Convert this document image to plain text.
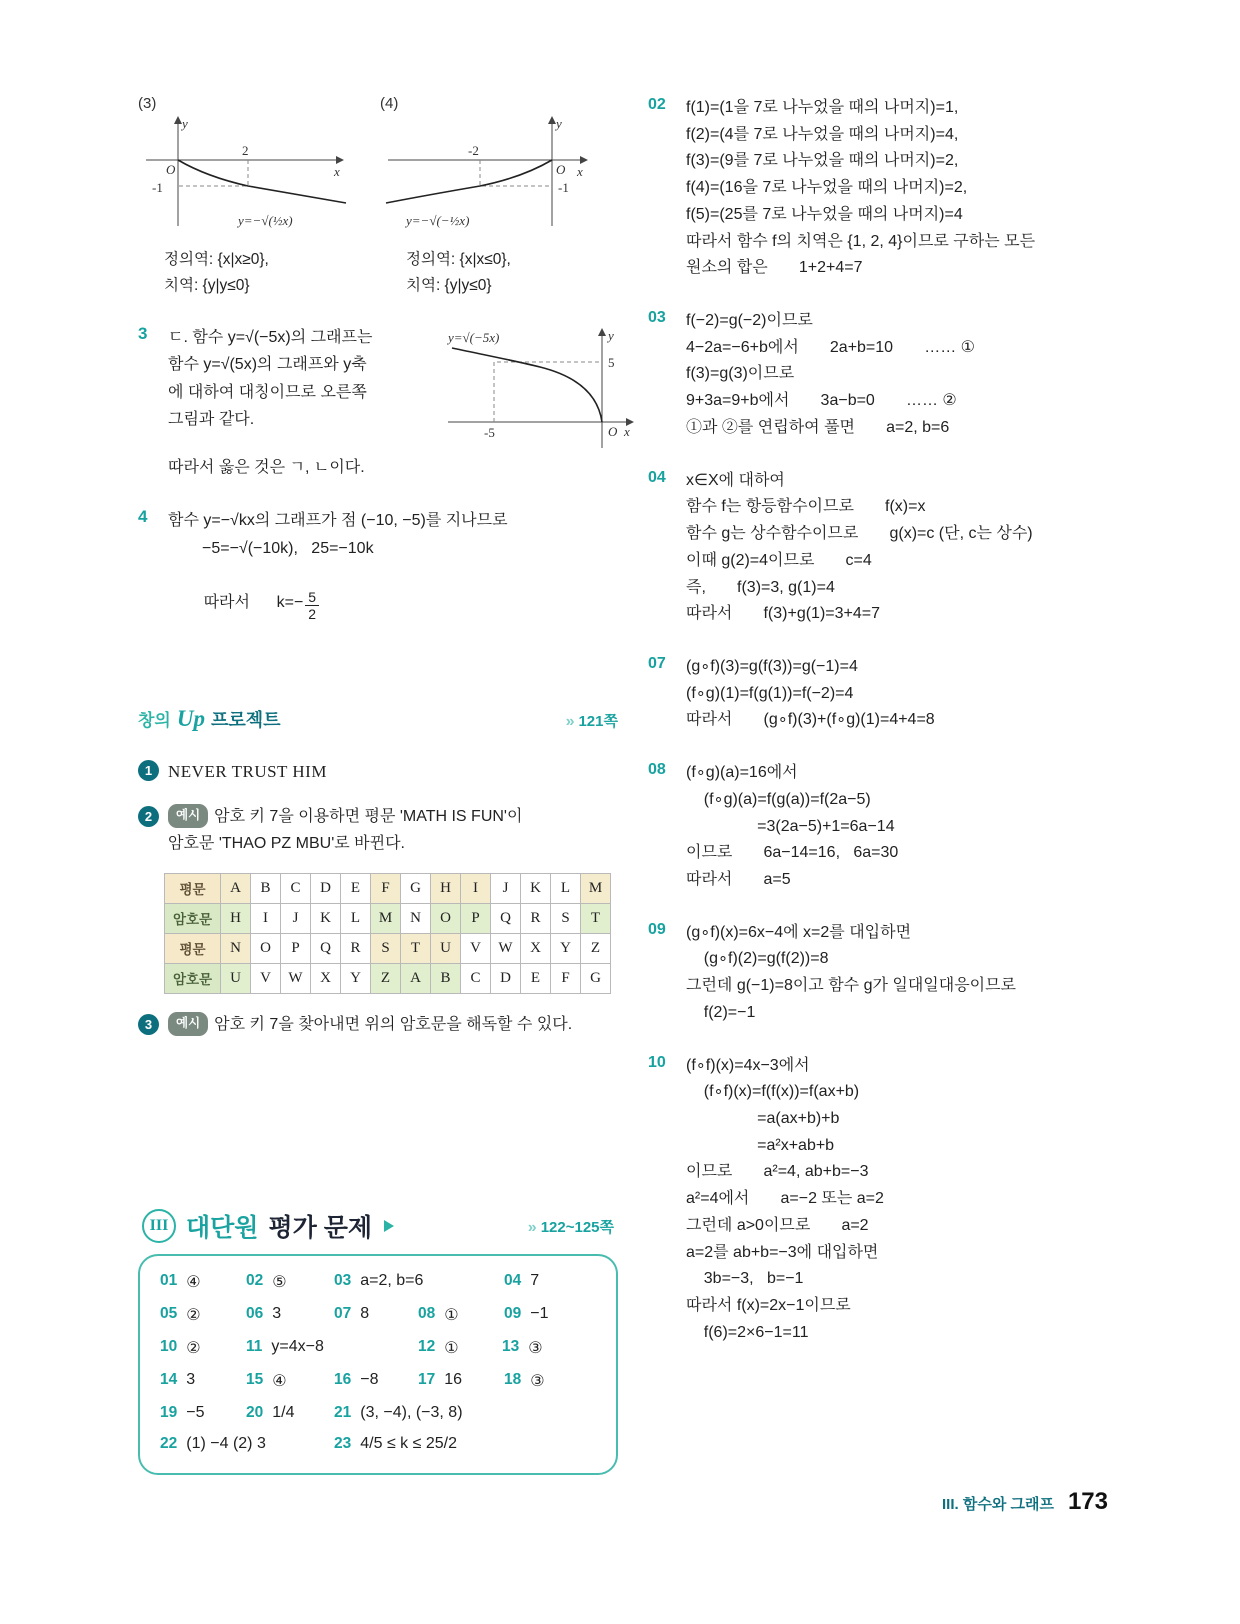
(3)
y
x
O
2
-1
y=−√(½x)
정의역: {x|x≥0},
치역: {y|y≤0}
(4)
y
x
O
-2
-1
y=−√(−½x)
정의역: {x|x≤0},
치역: {y|y≤0}
3	ㄷ. 함수 y=√(−5x)의 그래프는
함수 y=√(5x)의 그래프와 y축
에 대하여 대칭이므로 오른쪽
그림과 같다.
y=√(−5x)	y
x
O
5
-5
따라서 옳은 것은 ㄱ, ㄴ이다.
4	함수 y=−√kx의 그래프가 점 (−10, −5)를 지나므로
−5=−√(−10k),   25=−10k

따라서 $k=- \frac{5}{2}$

창의 Up 프로젝트	» 121쪽
1 NEVER TRUST HIM
2	예시 암호 키 7을 이용하면 평문 'MATH IS FUN'이
암호문 'THAO PZ MBU'로 바뀐다.
평문	A	B	C	D	E	F	G	H	I	J	K	L	M
암호문	H	I	J	K	L	M	N	O	P	Q	R	S	T
평문	N	O	P	Q	R	S	T	U	V	W	X	Y	Z
암호문	U	V	W	X	Y	Z	A	B	C	D	E	F	G
3	예시 암호 키 7을 찾아내면 위의 암호문을 해독할 수 있다.
III 대단원 평가 문제	» 122~125쪽
01 ④	02 ⑤	03 a=2, b=6	04 7
05 ②	06 3	07 8	08 ①	09 −1
10 ②	11 y=4x−8	12 ①	13 ③
14 3	15 ④	16 −8	17 16	18 ③
19 −5	20 1/4	21 (3, −4), (−3, 8)
22 (1) −4 (2) 3	23 4/5 ≤ k ≤ 25/2
02	f(1)=(1을 7로 나누었을 때의 나머지)=1,
f(2)=(4를 7로 나누었을 때의 나머지)=4,
f(3)=(9를 7로 나누었을 때의 나머지)=2,
f(4)=(16을 7로 나누었을 때의 나머지)=2,
f(5)=(25를 7로 나누었을 때의 나머지)=4
따라서 함수 f의 치역은 {1, 2, 4}이므로 구하는 모든
원소의 합은       1+2+4=7
03	f(−2)=g(−2)이므로
4−2a=−6+b에서       2a+b=10       …… ①
f(3)=g(3)이므로
9+3a=9+b에서       3a−b=0       …… ②
①과 ②를 연립하여 풀면       a=2, b=6
04	x∈X에 대하여
함수 f는 항등함수이므로       f(x)=x
함수 g는 상수함수이므로       g(x)=c (단, c는 상수)
이때 g(2)=4이므로       c=4
즉,       f(3)=3, g(1)=4
따라서       f(3)+g(1)=3+4=7
07	(g∘f)(3)=g(f(3))=g(−1)=4
(f∘g)(1)=f(g(1))=f(−2)=4
따라서       (g∘f)(3)+(f∘g)(1)=4+4=8
08	(f∘g)(a)=16에서
(f∘g)(a)=f(g(a))=f(2a−5)
=3(2a−5)+1=6a−14
이므로       6a−14=16,   6a=30
따라서       a=5
09	(g∘f)(x)=6x−4에 x=2를 대입하면
(g∘f)(2)=g(f(2))=8
그런데 g(−1)=8이고 함수 g가 일대일대응이므로
f(2)=−1
10	(f∘f)(x)=4x−3에서
(f∘f)(x)=f(f(x))=f(ax+b)
=a(ax+b)+b
=a²x+ab+b
이므로       a²=4, ab+b=−3
a²=4에서       a=−2 또는 a=2
그런데 a>0이므로       a=2
a=2를 ab+b=−3에 대입하면
3b=−3,   b=−1
따라서 f(x)=2x−1이므로
f(6)=2×6−1=11
III. 함수와 그래프 173
